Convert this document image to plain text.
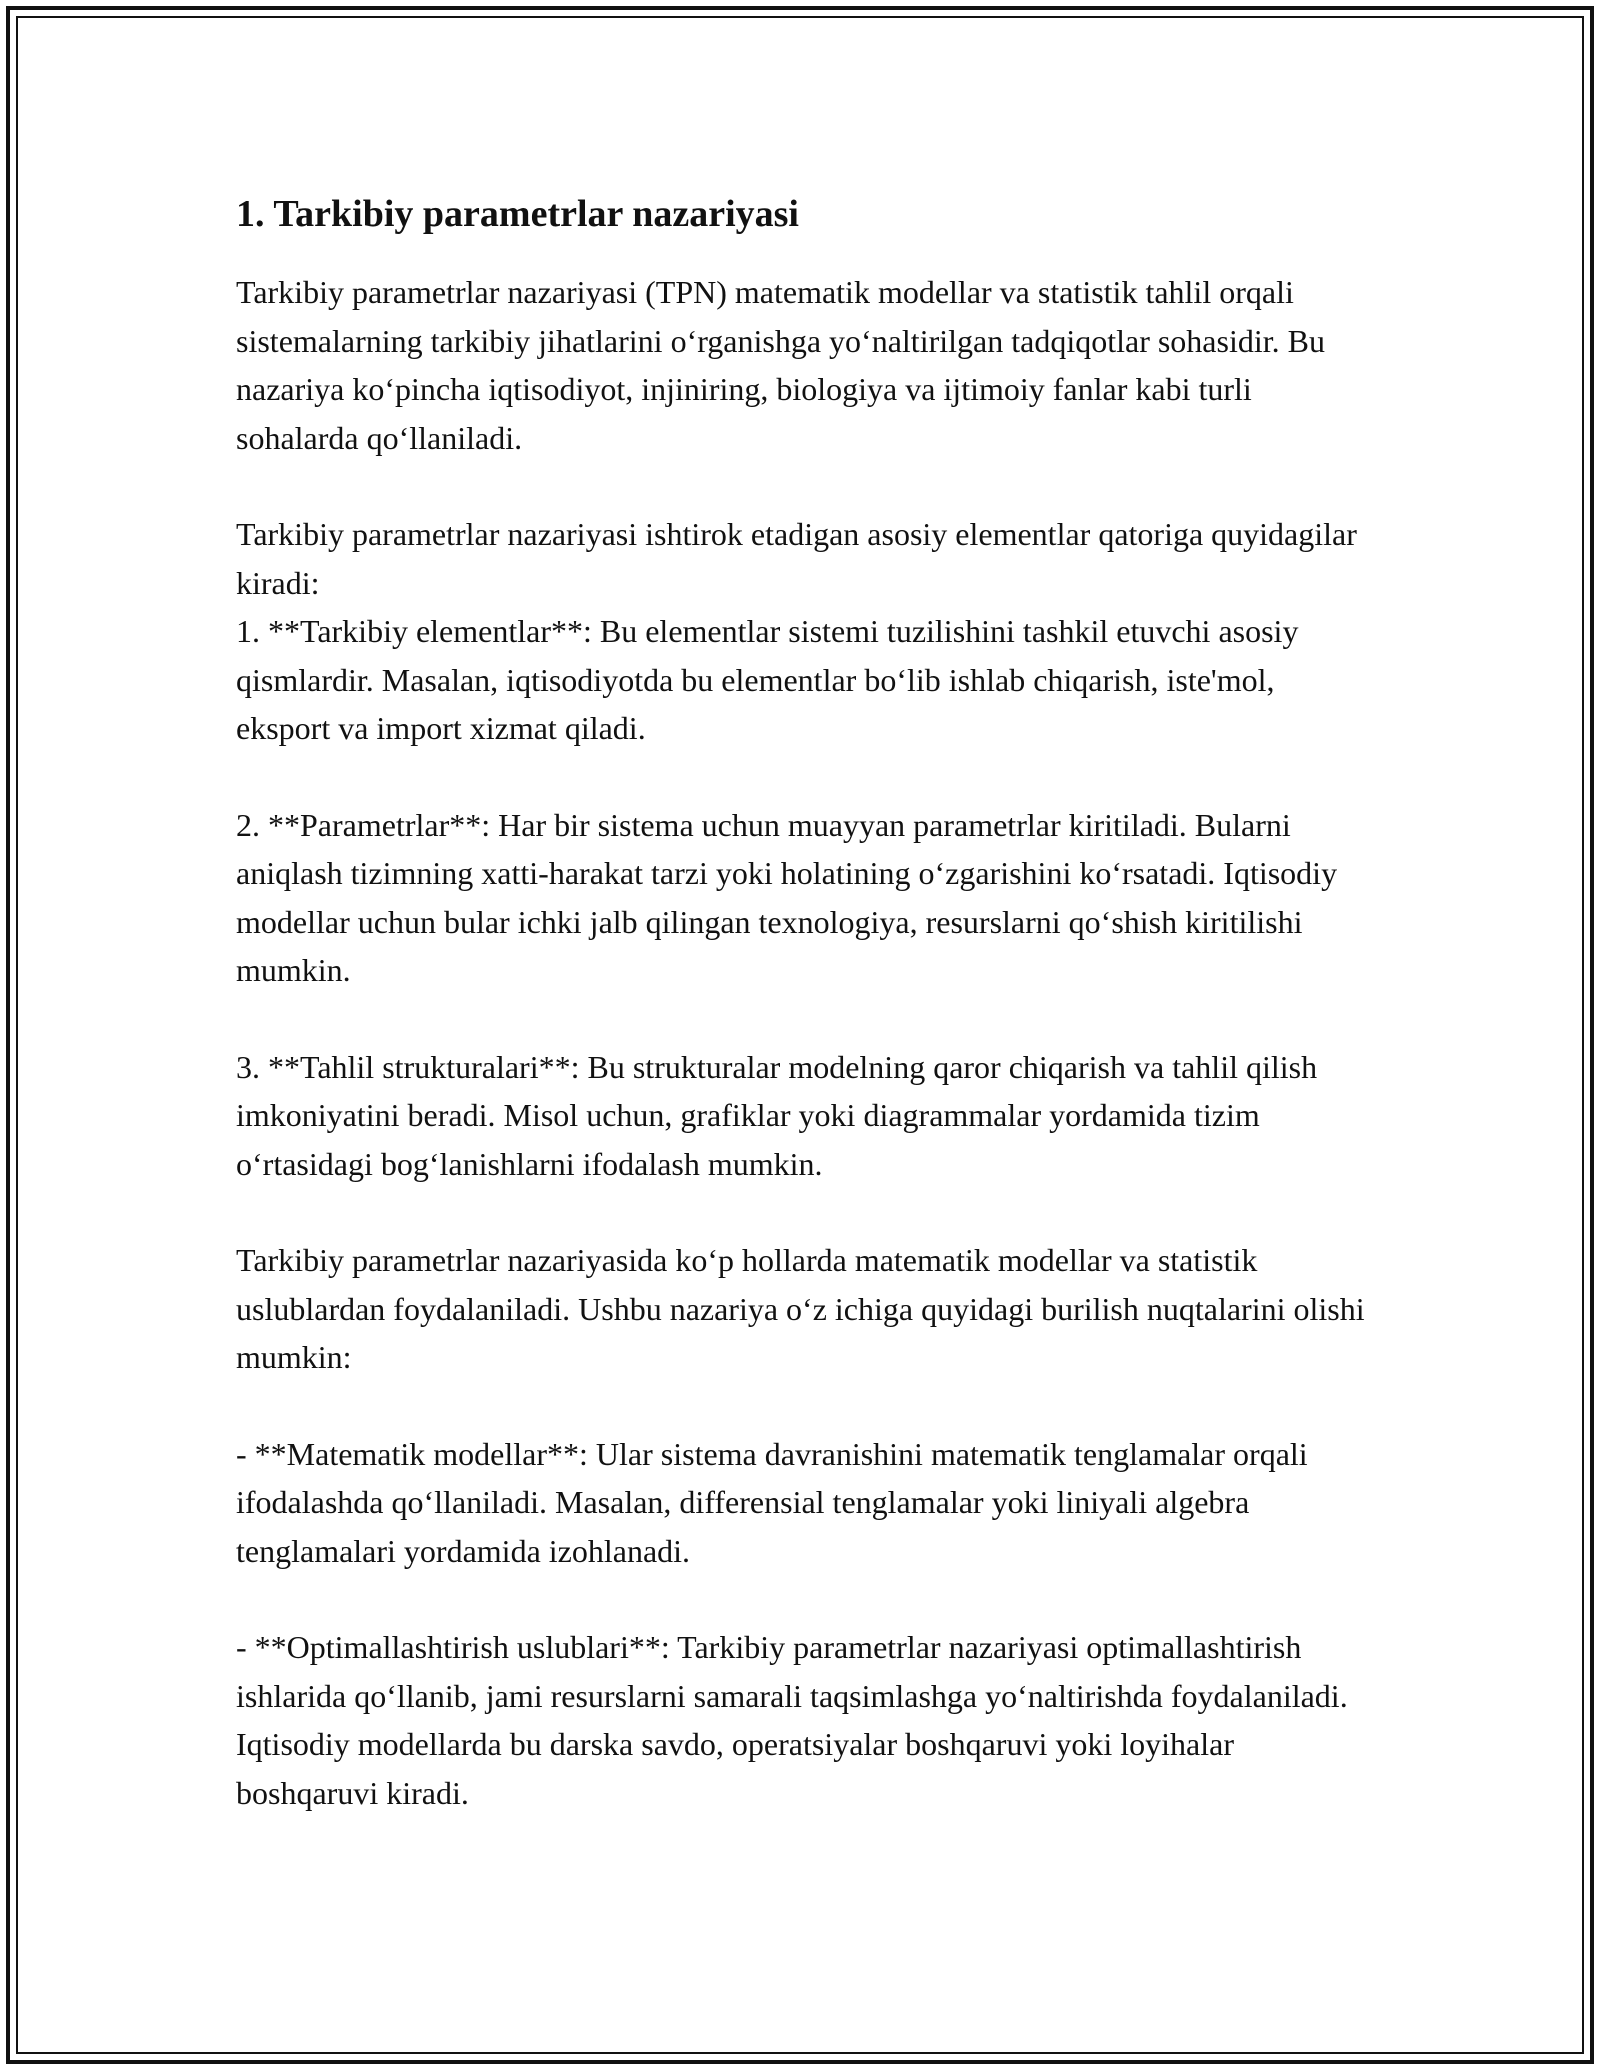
1. Tarkibiy parametrlar nazariyasi

Tarkibiy parametrlar nazariyasi (TPN) matematik modellar va statistik tahlil orqali sistemalarning tarkibiy jihatlarini o‘rganishga yo‘naltirilgan tadqiqotlar sohasidir. Bu nazariya ko‘pincha iqtisodiyot, injiniring, biologiya va ijtimoiy fanlar kabi turli sohalarda qo‘llaniladi.

Tarkibiy parametrlar nazariyasi ishtirok etadigan asosiy elementlar qatoriga quyidagilar kiradi:

1. **Tarkibiy elementlar**: Bu elementlar sistemi tuzilishini tashkil etuvchi asosiy qismlardir. Masalan, iqtisodiyotda bu elementlar bo‘lib ishlab chiqarish, iste'mol, eksport va import xizmat qiladi.

2. **Parametrlar**: Har bir sistema uchun muayyan parametrlar kiritiladi. Bularni aniqlash tizimning xatti-harakat tarzi yoki holatining o‘zgarishini ko‘rsatadi. Iqtisodiy modellar uchun bular ichki jalb qilingan texnologiya, resurslarni qo‘shish kiritilishi mumkin.

3. **Tahlil strukturalari**: Bu strukturalar modelning qaror chiqarish va tahlil qilish imkoniyatini beradi. Misol uchun, grafiklar yoki diagrammalar yordamida tizim o‘rtasidagi bog‘lanishlarni ifodalash mumkin.

Tarkibiy parametrlar nazariyasida ko‘p hollarda matematik modellar va statistik uslublardan foydalaniladi. Ushbu nazariya o‘z ichiga quyidagi burilish nuqtalarini olishi mumkin:

- **Matematik modellar**: Ular sistema davranishini matematik tenglamalar orqali ifodalashda qo‘llaniladi. Masalan, differensial tenglamalar yoki liniyali algebra tenglamalari yordamida izohlanadi.

- **Optimallashtirish uslublari**: Tarkibiy parametrlar nazariyasi optimallashtirish ishlarida qo‘llanib, jami resurslarni samarali taqsimlashga yo‘naltirishda foydalaniladi. Iqtisodiy modellarda bu darska savdo, operatsiyalar boshqaruvi yoki loyihalar boshqaruvi kiradi.
